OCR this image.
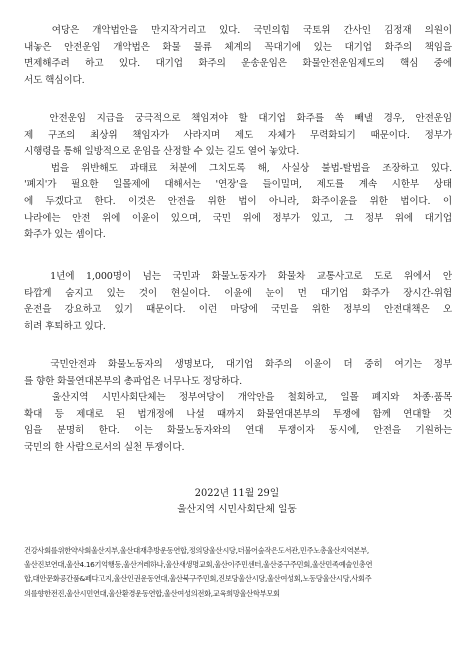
　여당은 개악법안을 만지작거리고 있다. 국민의힘 국토위 간사인 김정재 의원이
내놓은 안전운임 개악법은 화물 물류 체계의 꼭대기에 있는 대기업 화주의 책임을
면제해주려 하고 있다. 대기업 화주의 운송운임은 화물안전운임제도의 핵심 중에
서도 핵심이다.
　안전운임 지급을 궁극적으로 책임져야 할 대기업 화주를 쏙 빼낼 경우, 안전운임
제 구조의 최상위 책임자가 사라지며 제도 자체가 무력화되기 때문이다. 정부가
시행령을 통해 일방적으로 운임을 산정할 수 있는 길도 열어 놓았다.
　법을 위반해도 과태료 처분에 그치도록 해, 사실상 불법-탈법을 조장하고 있다.
'폐지'가 필요한 일몰제에 대해서는 '연장'을 들이밀며, 제도를 계속 시한부 상태
에 두겠다고 한다. 이것은 안전을 위한 법이 아니라, 화주이윤을 위한 법이다. 이
나라에는 안전 위에 이윤이 있으며, 국민 위에 정부가 있고, 그 정부 위에 대기업
화주가 있는 셈이다.
　1년에 1,000명이 넘는 국민과 화물노동자가 화물차 교통사고로 도로 위에서 안
타깝게 숨지고 있는 것이 현실이다. 이윤에 눈이 먼 대기업 화주가 장시간-위험
운전을 강요하고 있기 때문이다. 이런 마당에 국민을 위한 정부의 안전대책은 오
히려 후퇴하고 있다.
　국민안전과 화물노동자의 생명보다, 대기업 화주의 이윤이 더 중히 여기는 정부
를 향한 화물연대본부의 총파업은 너무나도 정당하다.
　울산지역 시민사회단체는 정부여당이 개악안을 철회하고, 일몰 폐지와 차종·품목
확대 등 제대로 된 법개정에 나설 때까지 화물연대본부의 투쟁에 함께 연대할 것
임을 분명히 한다. 이는 화물노동자와의 연대 투쟁이자 동시에, 안전을 기원하는
국민의 한 사람으로서의 실천 투쟁이다.
2022년 11월 29일
울산지역 시민사회단체 일동
건강사회를위한약사회울산지부,울산대재추방운동연합,정의당울산시당,더불어숲작은도서관,민주노총울산지역본부,
울산진보연대,울산4.16기억행동,울산겨레하나,울산새생명교회,울산이주민센터,울산중구주민회,울산민족예술인총연
합,대안문화공간품&페다고지,울산인권운동연대,울산북구주민회,진보당울산시당,울산여성회,노동당울산시당,사회주
의를향한전진,울산시민연대,울산환경운동연합,울산여성의전화,교육희망울산학부모회
